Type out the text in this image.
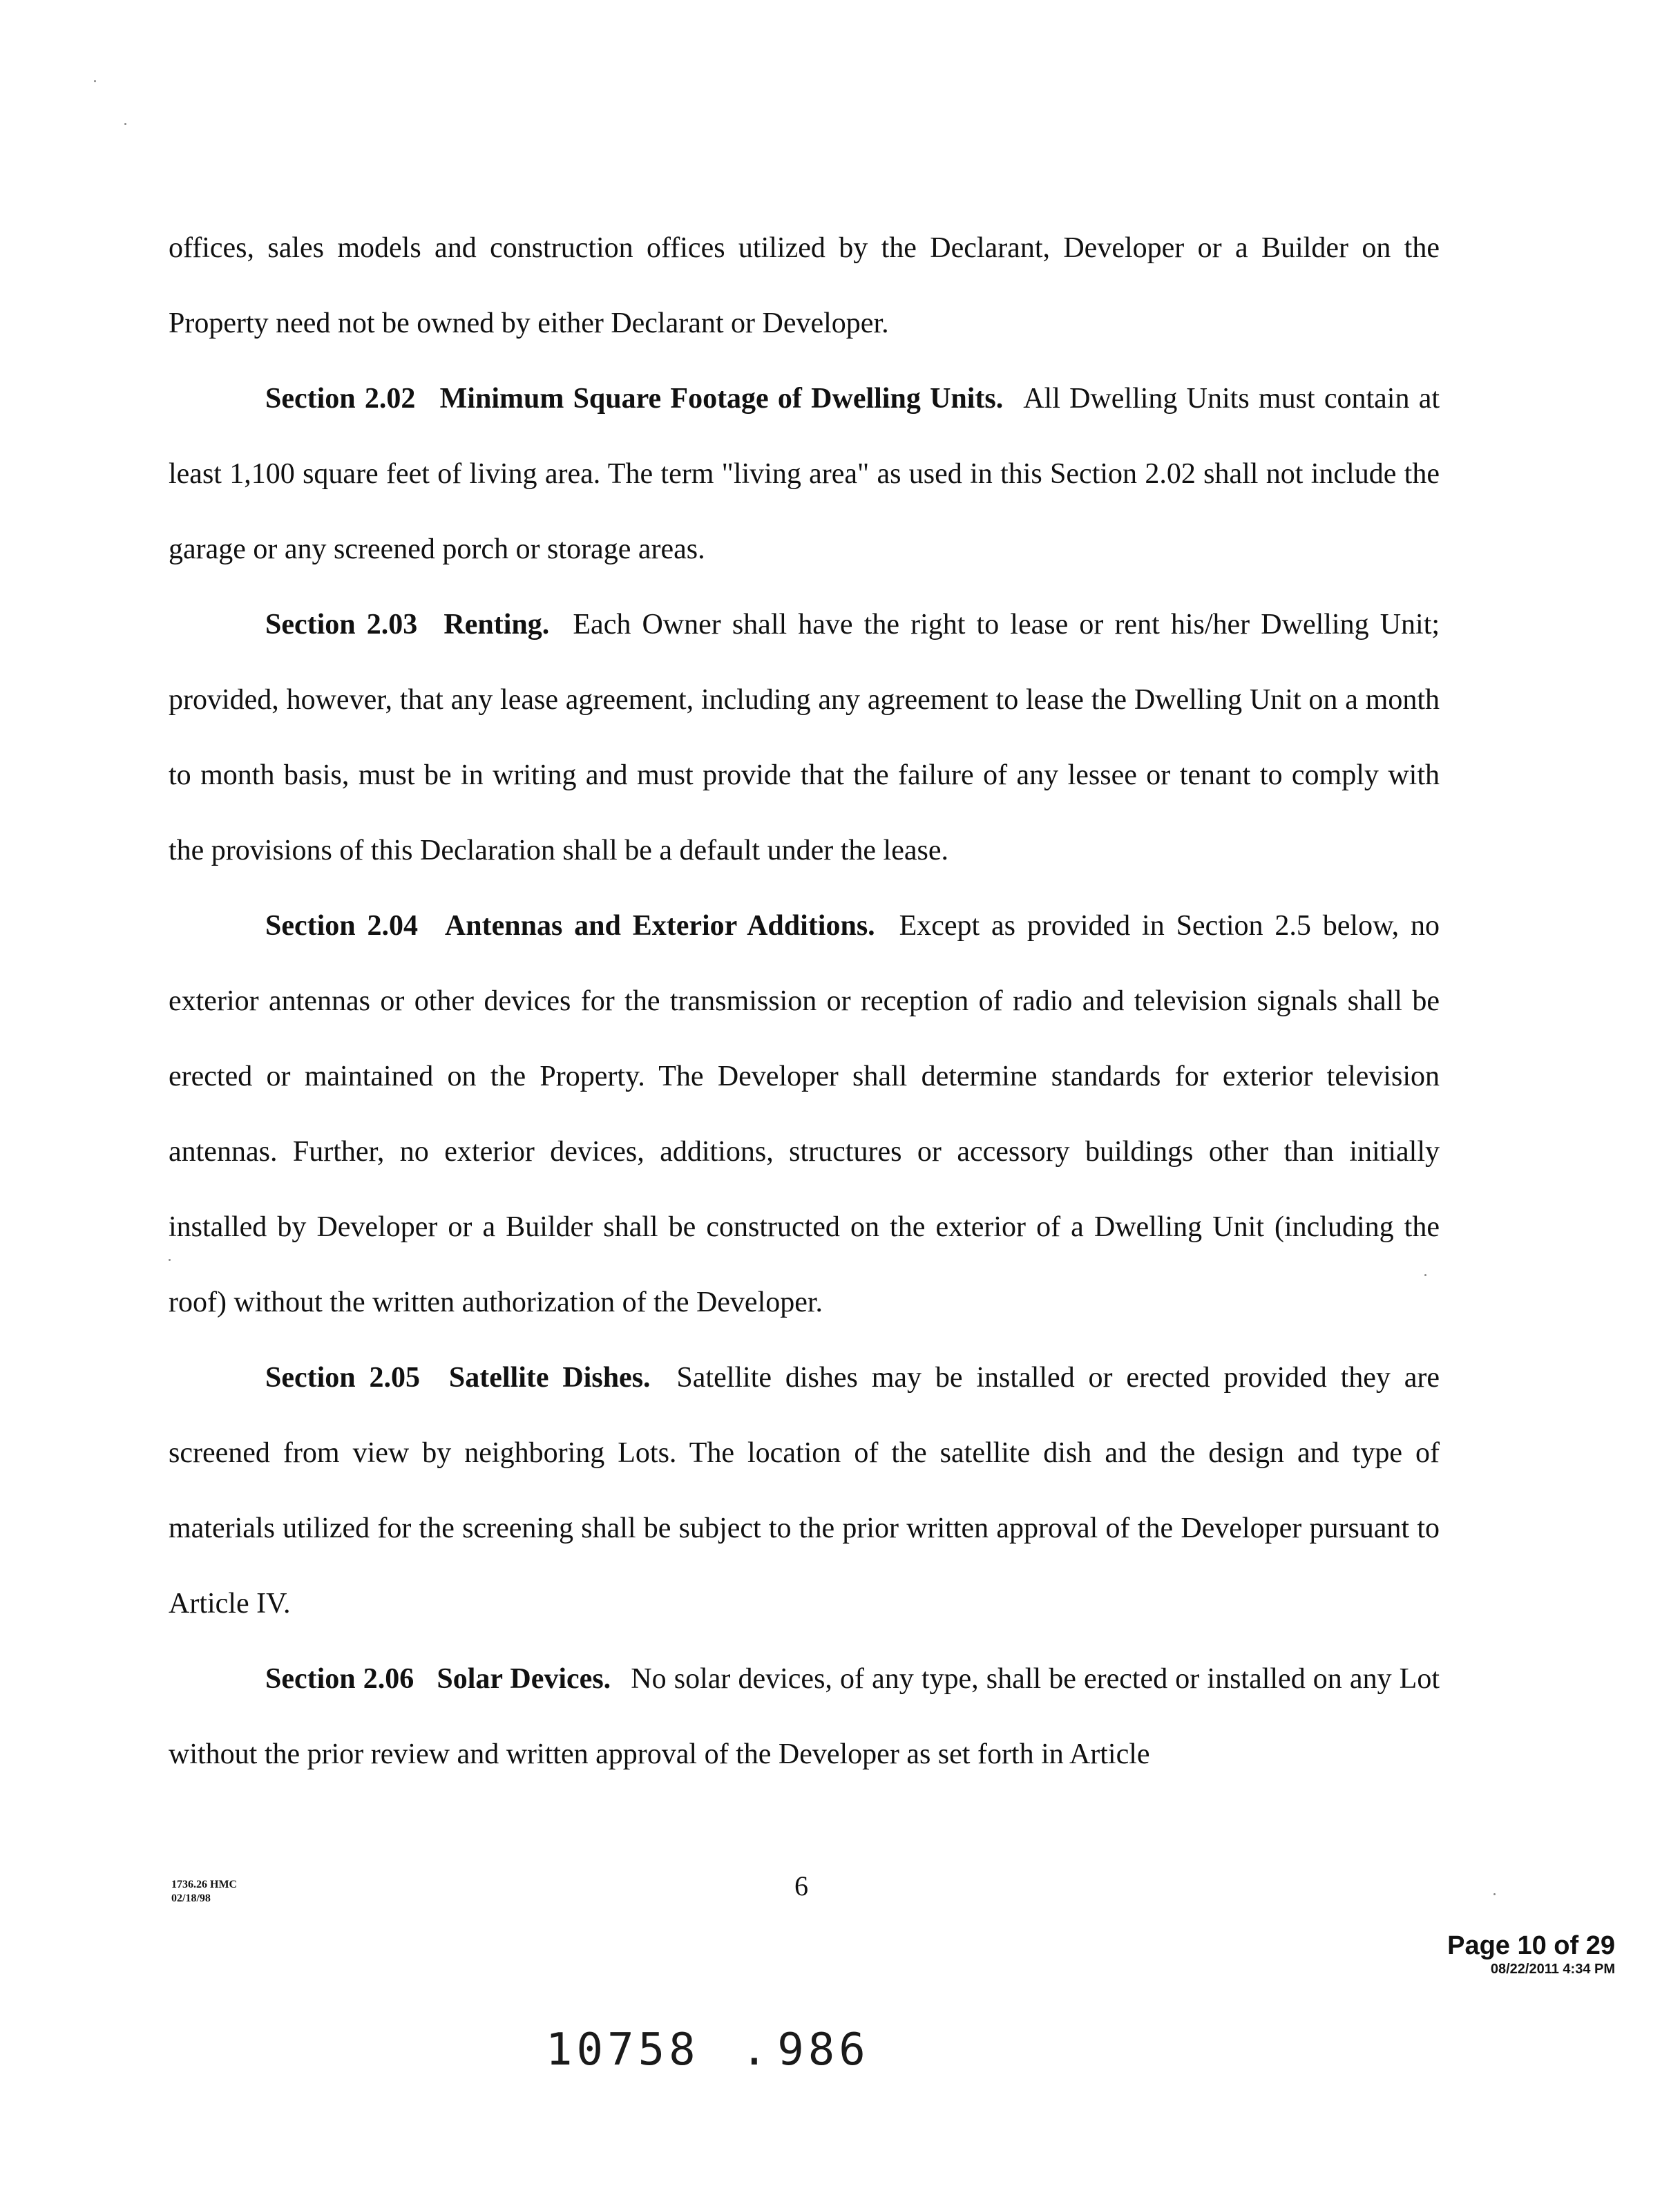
offices, sales models and construction offices utilized by the Declarant, Developer or a Builder on the Property need not be owned by either Declarant or Developer.

Section 2.02 Minimum Square Footage of Dwelling Units. All Dwelling Units must contain at least 1,100 square feet of living area. The term "living area" as used in this Section 2.02 shall not include the garage or any screened porch or storage areas.

Section 2.03 Renting. Each Owner shall have the right to lease or rent his/her Dwelling Unit; provided, however, that any lease agreement, including any agreement to lease the Dwelling Unit on a month to month basis, must be in writing and must provide that the failure of any lessee or tenant to comply with the provisions of this Declaration shall be a default under the lease.

Section 2.04 Antennas and Exterior Additions. Except as provided in Section 2.5 below, no exterior antennas or other devices for the transmission or reception of radio and television signals shall be erected or maintained on the Property. The Developer shall determine standards for exterior television antennas. Further, no exterior devices, additions, structures or accessory buildings other than initially installed by Developer or a Builder shall be constructed on the exterior of a Dwelling Unit (including the roof) without the written authorization of the Developer.

Section 2.05 Satellite Dishes. Satellite dishes may be installed or erected provided they are screened from view by neighboring Lots. The location of the satellite dish and the design and type of materials utilized for the screening shall be subject to the prior written approval of the Developer pursuant to Article IV.

Section 2.06 Solar Devices. No solar devices, of any type, shall be erected or installed on any Lot without the prior review and written approval of the Developer as set forth in Article

1736.26 HMC
02/18/98	6
Page 10 of 29
08/22/2011 4:34 PM
10758 . 986
